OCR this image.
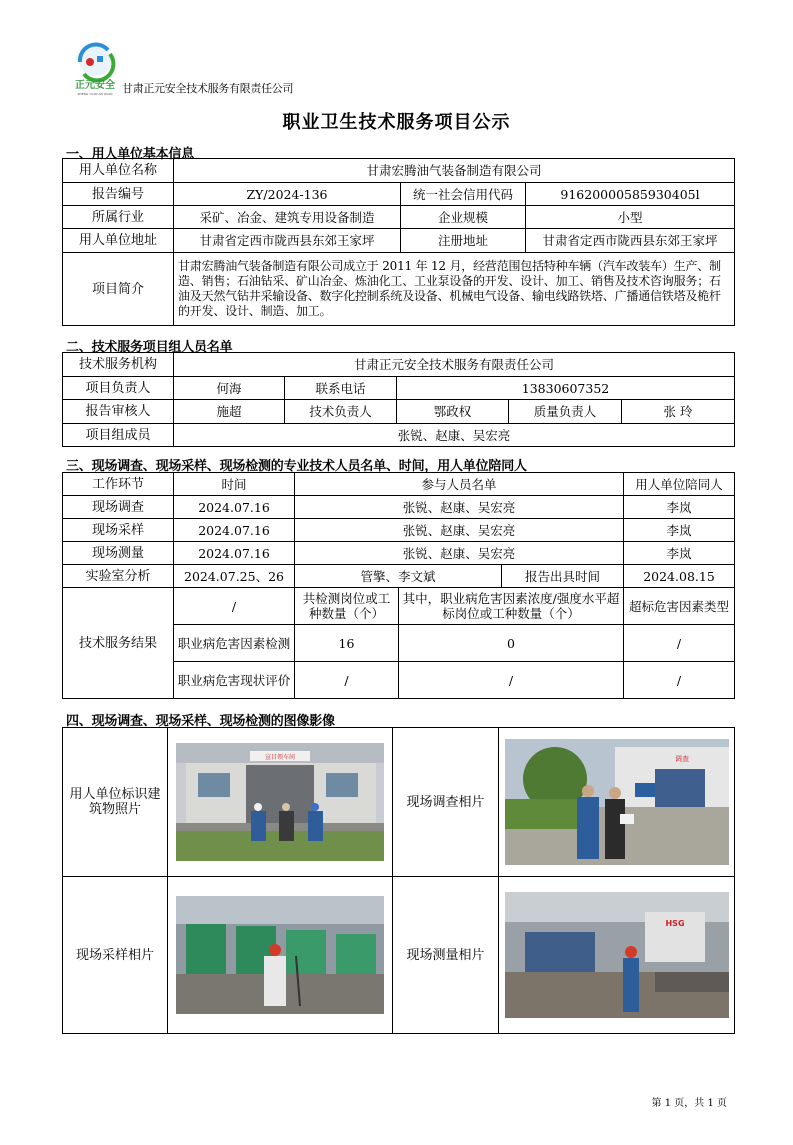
正元安全
ZHENG YUAN AN QUAN 甘肃正元安全技术服务有限责任公司
职业卫生技术服务项目公示
一、用人单位基本信息
用人单位名称	甘肃宏腾油气装备制造有限公司		
报告编号	ZY/2024-136	统一社会信用代码	91620000585930405l
所属行业	采矿、冶金、建筑专用设备制造	企业规模	小型
用人单位地址	甘肃省定西市陇西县东郊王家坪	注册地址	甘肃省定西市陇西县东郊王家坪
项目简介	甘肃宏腾油气装备制造有限公司成立于 2011 年 12 月，经营范围包括特种车辆（汽车改装车）生产、制造、销售；石油钻采、矿山冶金、炼油化工、工业泵设备的开发、设计、加工、销售及技术咨询服务；石油及天然气钻井采输设备、数字化控制系统及设备、机械电气设备、输电线路铁塔、广播通信铁塔及桅杆的开发、设计、制造、加工。		
二、技术服务项目组人员名单
技术服务机构	甘肃正元安全技术服务有限责任公司				
项目负责人	何海	联系电话	13830607352		
报告审核人	施超	技术负责人	鄂政权	质量负责人	张 玲
项目组成员	张锐、赵康、吴宏亮				
三、现场调查、现场采样、现场检测的专业技术人员名单、时间，用人单位陪同人
工作环节	时间	参与人员名单			用人单位陪同人
现场调查	2024.07.16	张锐、赵康、吴宏亮			李岚
现场采样	2024.07.16	张锐、赵康、吴宏亮			李岚
现场测量	2024.07.16	张锐、赵康、吴宏亮			李岚
实验室分析	2024.07.25、26	管擎、李文斌		报告出具时间	2024.08.15
技术服务结果	/	共检测岗位或工种数量（个）	其中，职业病危害因素浓度/强度水平超标岗位或工种数量（个）		超标危害因素类型
	职业病危害因素检测	16	0		/
	职业病危害现状评价	/	/		/
四、现场调查、现场采样、现场检测的图像影像
用人单位标识建筑物照片	宣目领车间	现场调查相片	调查

现场采样相片		现场测量相片	HSG
第 1 页，共 1 页
